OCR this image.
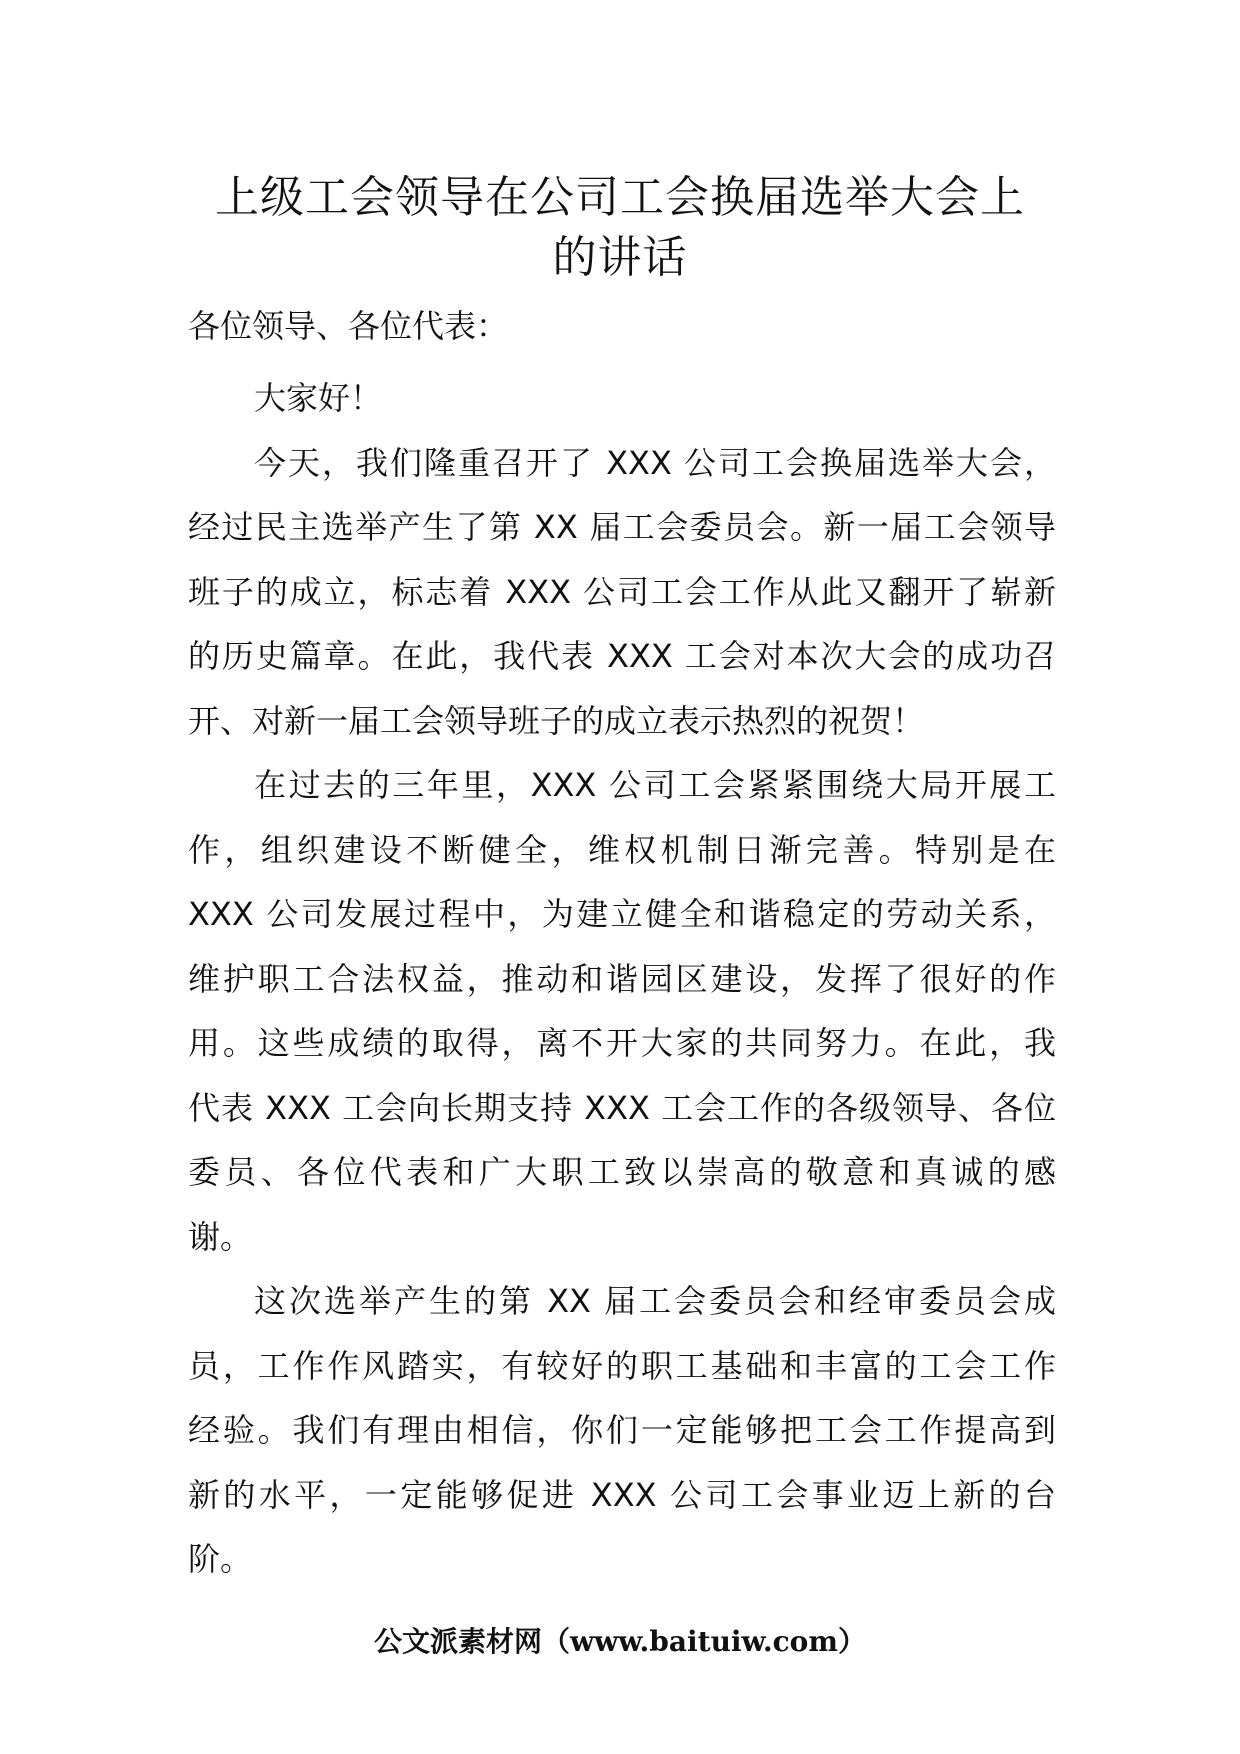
上级工会领导在公司工会换届选举大会上
的讲话

各位领导、各位代表：

大家好！

今天，我们隆重召开了 XXX 公司工会换届选举大会，
经过民主选举产生了第 XX 届工会委员会。新一届工会领导
班子的成立，标志着 XXX 公司工会工作从此又翻开了崭新
的历史篇章。在此，我代表 XXX 工会对本次大会的成功召
开、对新一届工会领导班子的成立表示热烈的祝贺！

在过去的三年里，XXX 公司工会紧紧围绕大局开展工
作，组织建设不断健全，维权机制日渐完善。特别是在
XXX 公司发展过程中，为建立健全和谐稳定的劳动关系，
维护职工合法权益，推动和谐园区建设，发挥了很好的作
用。这些成绩的取得，离不开大家的共同努力。在此，我
代表 XXX 工会向长期支持 XXX 工会工作的各级领导、各位
委员、各位代表和广大职工致以崇高的敬意和真诚的感
谢。

这次选举产生的第 XX 届工会委员会和经审委员会成
员，工作作风踏实，有较好的职工基础和丰富的工会工作
经验。我们有理由相信，你们一定能够把工会工作提高到
新的水平，一定能够促进 XXX 公司工会事业迈上新的台
阶。

公文派素材网（www.baituiw.com）
